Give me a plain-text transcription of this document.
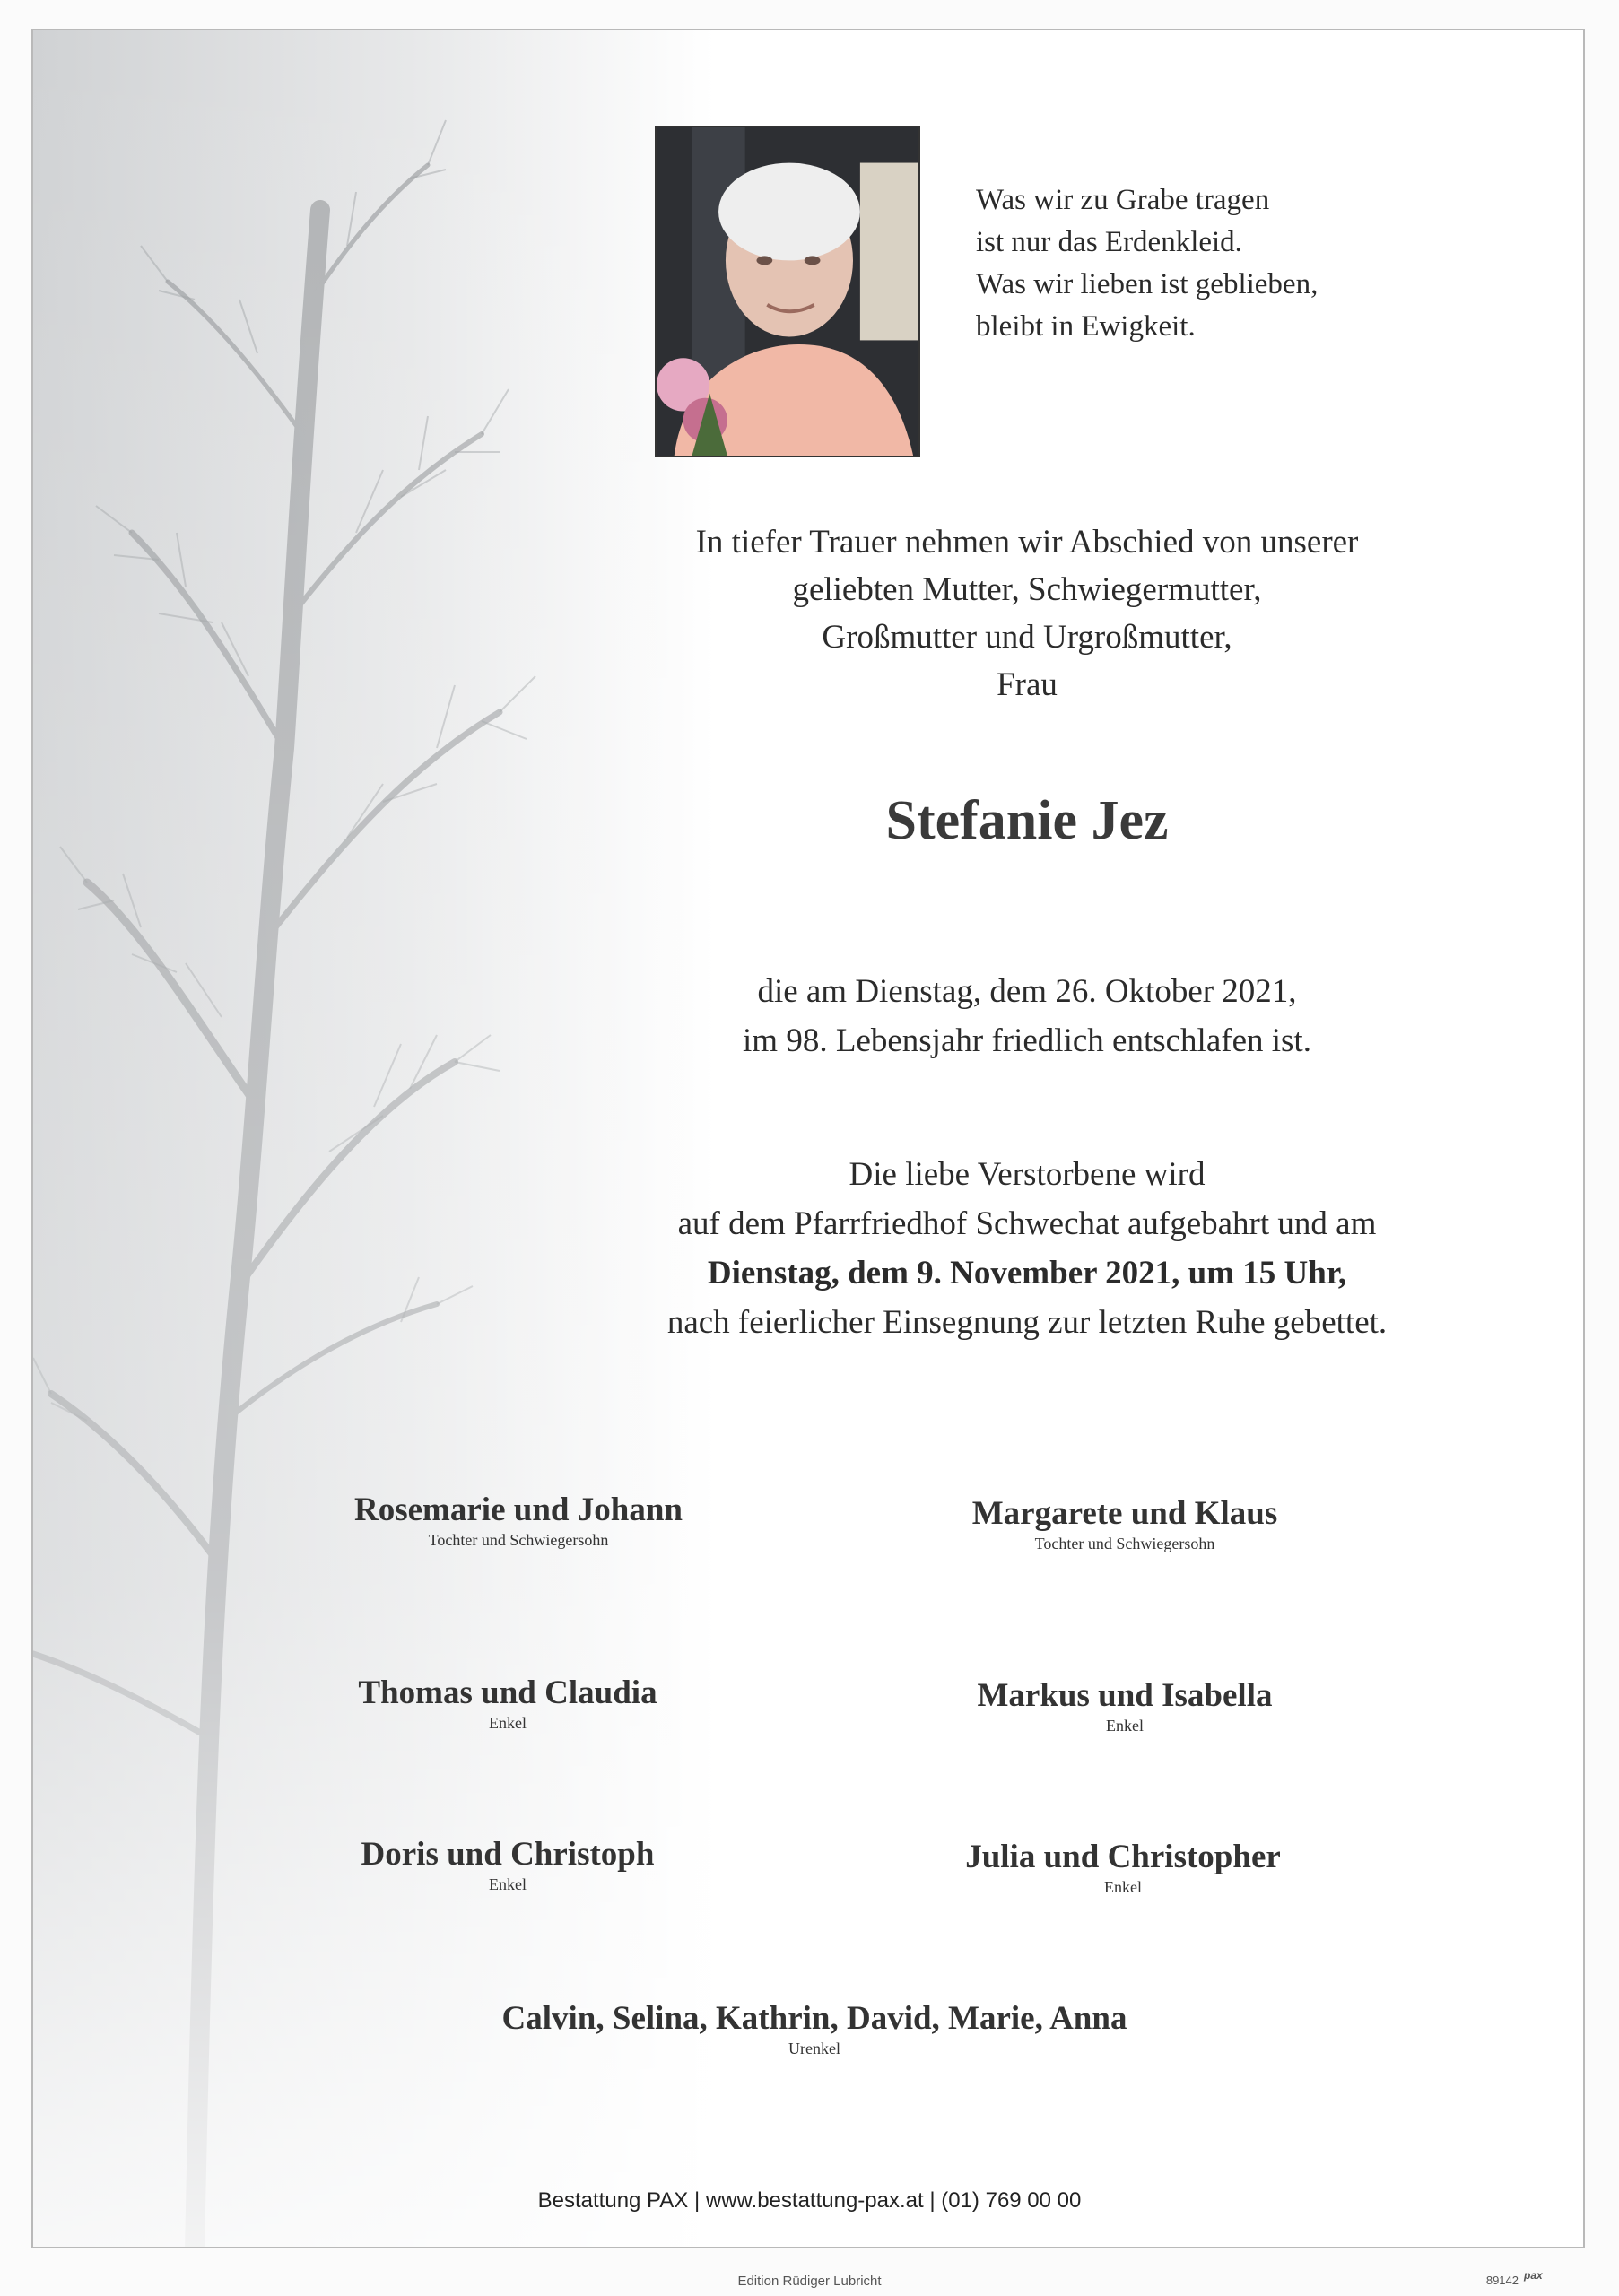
Was wir zu Grabe tragen
ist nur das Erdenkleid.
Was wir lieben ist geblieben,
bleibt in Ewigkeit.
In tiefer Trauer nehmen wir Abschied von unserer
geliebten Mutter, Schwiegermutter,
Großmutter und Urgroßmutter,
Frau
Stefanie Jez
die am Dienstag, dem 26. Oktober 2021,
im 98. Lebensjahr friedlich entschlafen ist.
Die liebe Verstorbene wird
auf dem Pfarrfriedhof Schwechat aufgebahrt und am
Dienstag, dem 9. November 2021, um 15 Uhr,
nach feierlicher Einsegnung zur letzten Ruhe gebettet.
Rosemarie und Johann
Tochter und Schwiegersohn
Margarete und Klaus
Tochter und Schwiegersohn
Thomas und Claudia
Enkel
Markus und Isabella
Enkel
Doris und Christoph
Enkel
Julia und Christopher
Enkel
Calvin, Selina, Kathrin, David, Marie, Anna
Urenkel
Bestattung PAX | www.bestattung-pax.at | (01) 769 00 00
Edition Rüdiger Lubricht	89142 pax
